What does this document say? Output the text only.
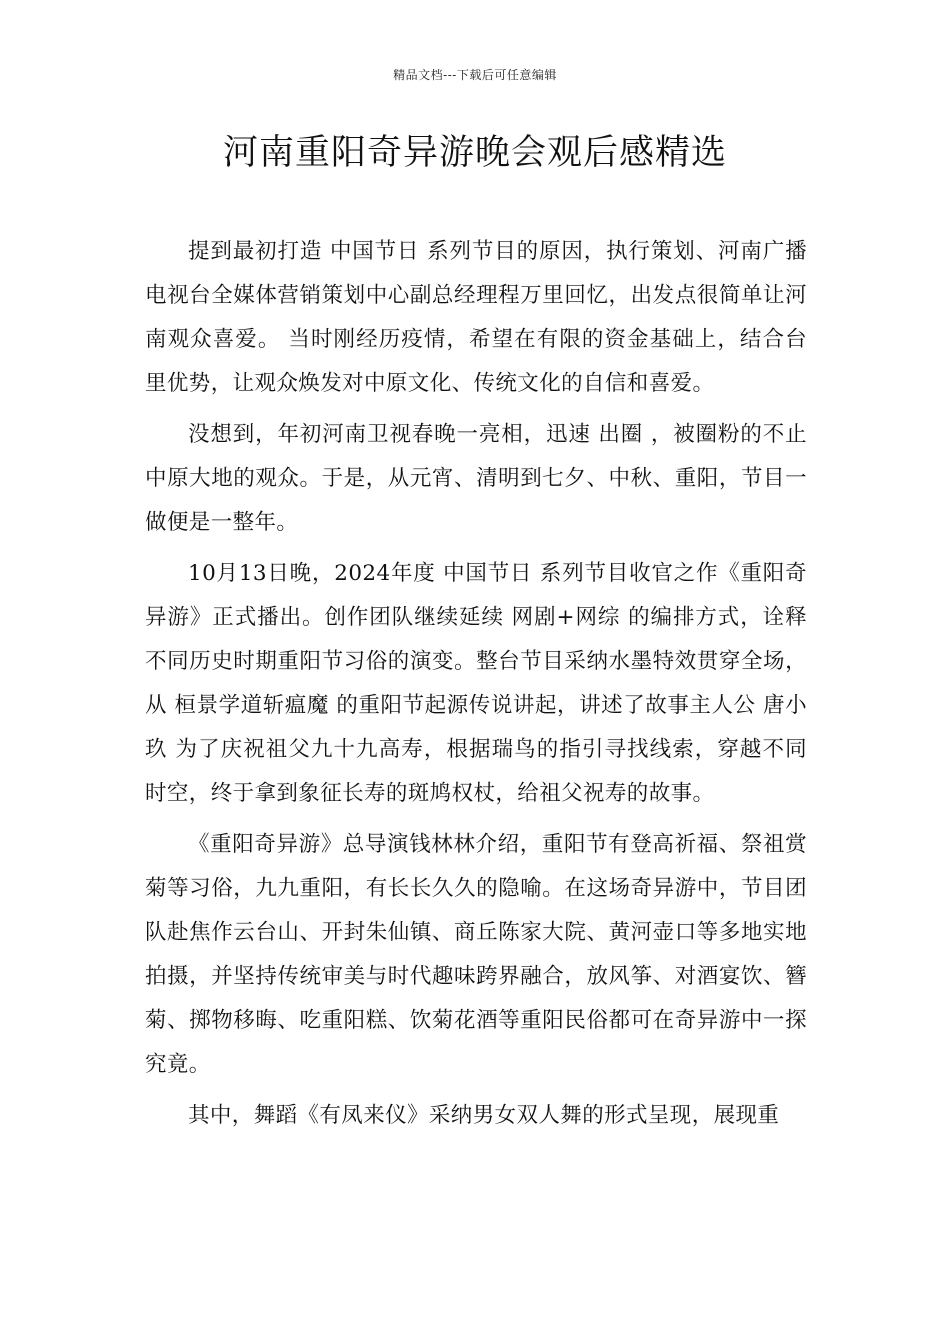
精品文档---下载后可任意编辑
河南重阳奇异游晚会观后感精选

提到最初打造 中国节日 系列节目的原因，执行策划、河南广播电视台全媒体营销策划中心副总经理程万里回忆，出发点很简单让河南观众喜爱。 当时刚经历疫情，希望在有限的资金基础上，结合台里优势，让观众焕发对中原文化、传统文化的自信和喜爱。

没想到，年初河南卫视春晚一亮相，迅速 出圈 ，被圈粉的不止中原大地的观众。于是，从元宵、清明到七夕、中秋、重阳，节目一做便是一整年。

10月13日晚，2024年度 中国节日 系列节目收官之作《重阳奇异游》正式播出。创作团队继续延续 网剧+网综 的编排方式，诠释不同历史时期重阳节习俗的演变。整台节目采纳水墨特效贯穿全场，从 桓景学道斩瘟魔 的重阳节起源传说讲起，讲述了故事主人公 唐小玖 为了庆祝祖父九十九高寿，根据瑞鸟的指引寻找线索，穿越不同时空，终于拿到象征长寿的斑鸠权杖，给祖父祝寿的故事。

《重阳奇异游》总导演钱林林介绍，重阳节有登高祈福、祭祖赏菊等习俗，九九重阳，有长长久久的隐喻。在这场奇异游中，节目团队赴焦作云台山、开封朱仙镇、商丘陈家大院、黄河壶口等多地实地拍摄，并坚持传统审美与时代趣味跨界融合，放风筝、对酒宴饮、簪菊、掷物移晦、吃重阳糕、饮菊花酒等重阳民俗都可在奇异游中一探究竟。

其中，舞蹈《有凤来仪》采纳男女双人舞的形式呈现，展现重
